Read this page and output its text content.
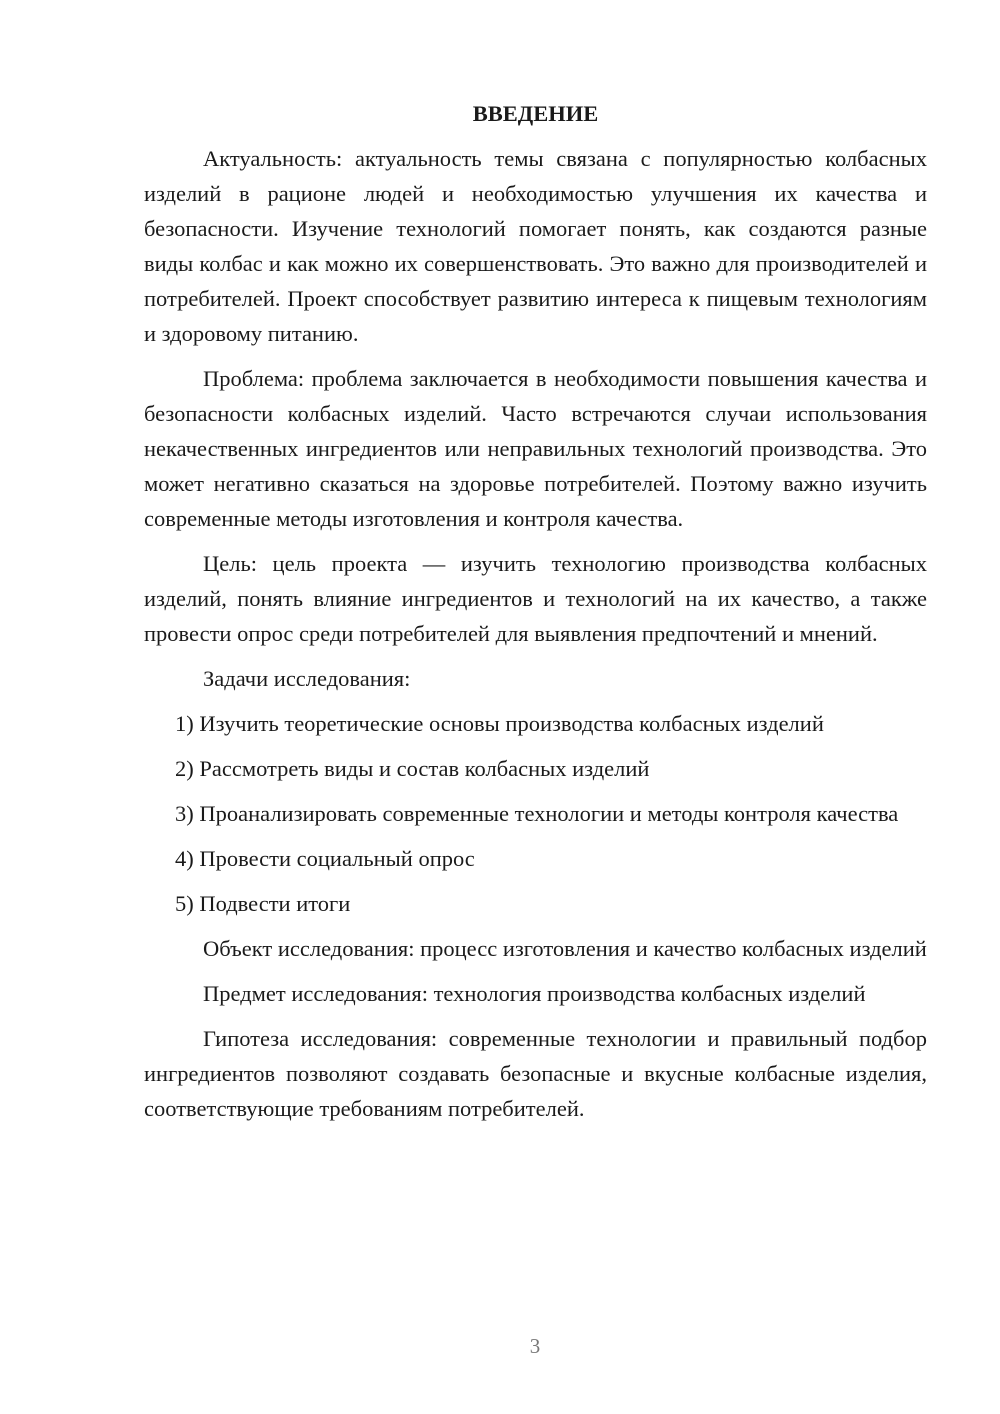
ВВЕДЕНИЕ

Актуальность: актуальность темы связана с популярностью колбасных изделий в рационе людей и необходимостью улучшения их качества и безопасности. Изучение технологий помогает понять, как создаются разные виды колбас и как можно их совершенствовать. Это важно для производителей и потребителей. Проект способствует развитию интереса к пищевым технологиям и здоровому питанию.

Проблема: проблема заключается в необходимости повышения качества и безопасности колбасных изделий. Часто встречаются случаи использования некачественных ингредиентов или неправильных технологий производства. Это может негативно сказаться на здоровье потребителей. Поэтому важно изучить современные методы изготовления и контроля качества.

Цель: цель проекта — изучить технологию производства колбасных изделий, понять влияние ингредиентов и технологий на их качество, а также провести опрос среди потребителей для выявления предпочтений и мнений.

Задачи исследования:

1) Изучить теоретические основы производства колбасных изделий

2) Рассмотреть виды и состав колбасных изделий

3) Проанализировать современные технологии и методы контроля качества

4) Провести социальный опрос

5) Подвести итоги

Объект исследования: процесс изготовления и качество колбасных изделий

Предмет исследования: технология производства колбасных изделий

Гипотеза исследования: современные технологии и правильный подбор ингредиентов позволяют создавать безопасные и вкусные колбасные изделия, соответствующие требованиям потребителей.

3
